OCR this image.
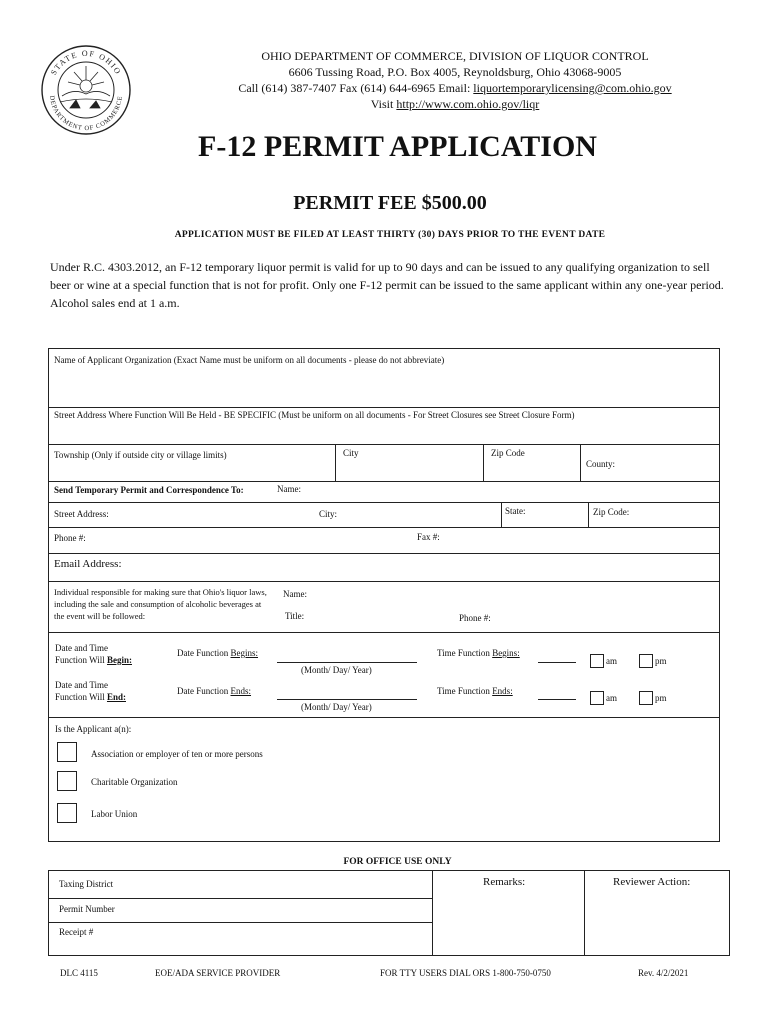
STATE OF OHIO
DEPARTMENT OF COMMERCE
OHIO DEPARTMENT OF COMMERCE, DIVISION OF LIQUOR CONTROL
6606 Tussing Road, P.O. Box 4005, Reynoldsburg, Ohio 43068-9005
Call (614) 387-7407 Fax (614) 644-6965 Email: liquortemporarylicensing@com.ohio.gov
Visit http://www.com.ohio.gov/liqr
F-12 PERMIT APPLICATION
PERMIT FEE $500.00
APPLICATION MUST BE FILED AT LEAST THIRTY (30) DAYS PRIOR TO THE EVENT DATE
Under R.C. 4303.2012, an F-12 temporary liquor permit is valid for up to 90 days and can be issued to any qualifying organization to sell beer or wine at a special function that is not for profit. Only one F-12 permit can be issued to the same applicant within any one-year period. Alcohol sales end at 1 a.m.
Name of Applicant Organization (Exact Name must be uniform on all documents - please do not abbreviate)
Street Address Where Function Will Be Held - BE SPECIFIC (Must be uniform on all documents - For Street Closures see Street Closure Form)
Township (Only if outside city or village limits)	City	Zip Code
County:
Send Temporary Permit and Correspondence To:	Name:
Street Address:	City:	State:	Zip Code:
Phone #:	Fax #:
Email Address:
Individual responsible for making sure that Ohio's liquor laws, including the sale and consumption of alcoholic beverages at the event will be followed:
Name:
Title:	Phone #:
Date and Time
Function Will Begin:
Date Function Begins:
(Month/ Day/ Year)
Time Function Begins:
am	pm
Date and Time
Function Will End:
Date Function Ends:
(Month/ Day/ Year)
Time Function Ends:
am	pm
Is the Applicant a(n):
Association or employer of ten or more persons
Charitable Organization
Labor Union
FOR OFFICE USE ONLY
Taxing District
Permit Number
Receipt #
Remarks:	Reviewer Action:
DLC 4115	EOE/ADA SERVICE PROVIDER	FOR TTY USERS DIAL ORS 1-800-750-0750	Rev. 4/2/2021
